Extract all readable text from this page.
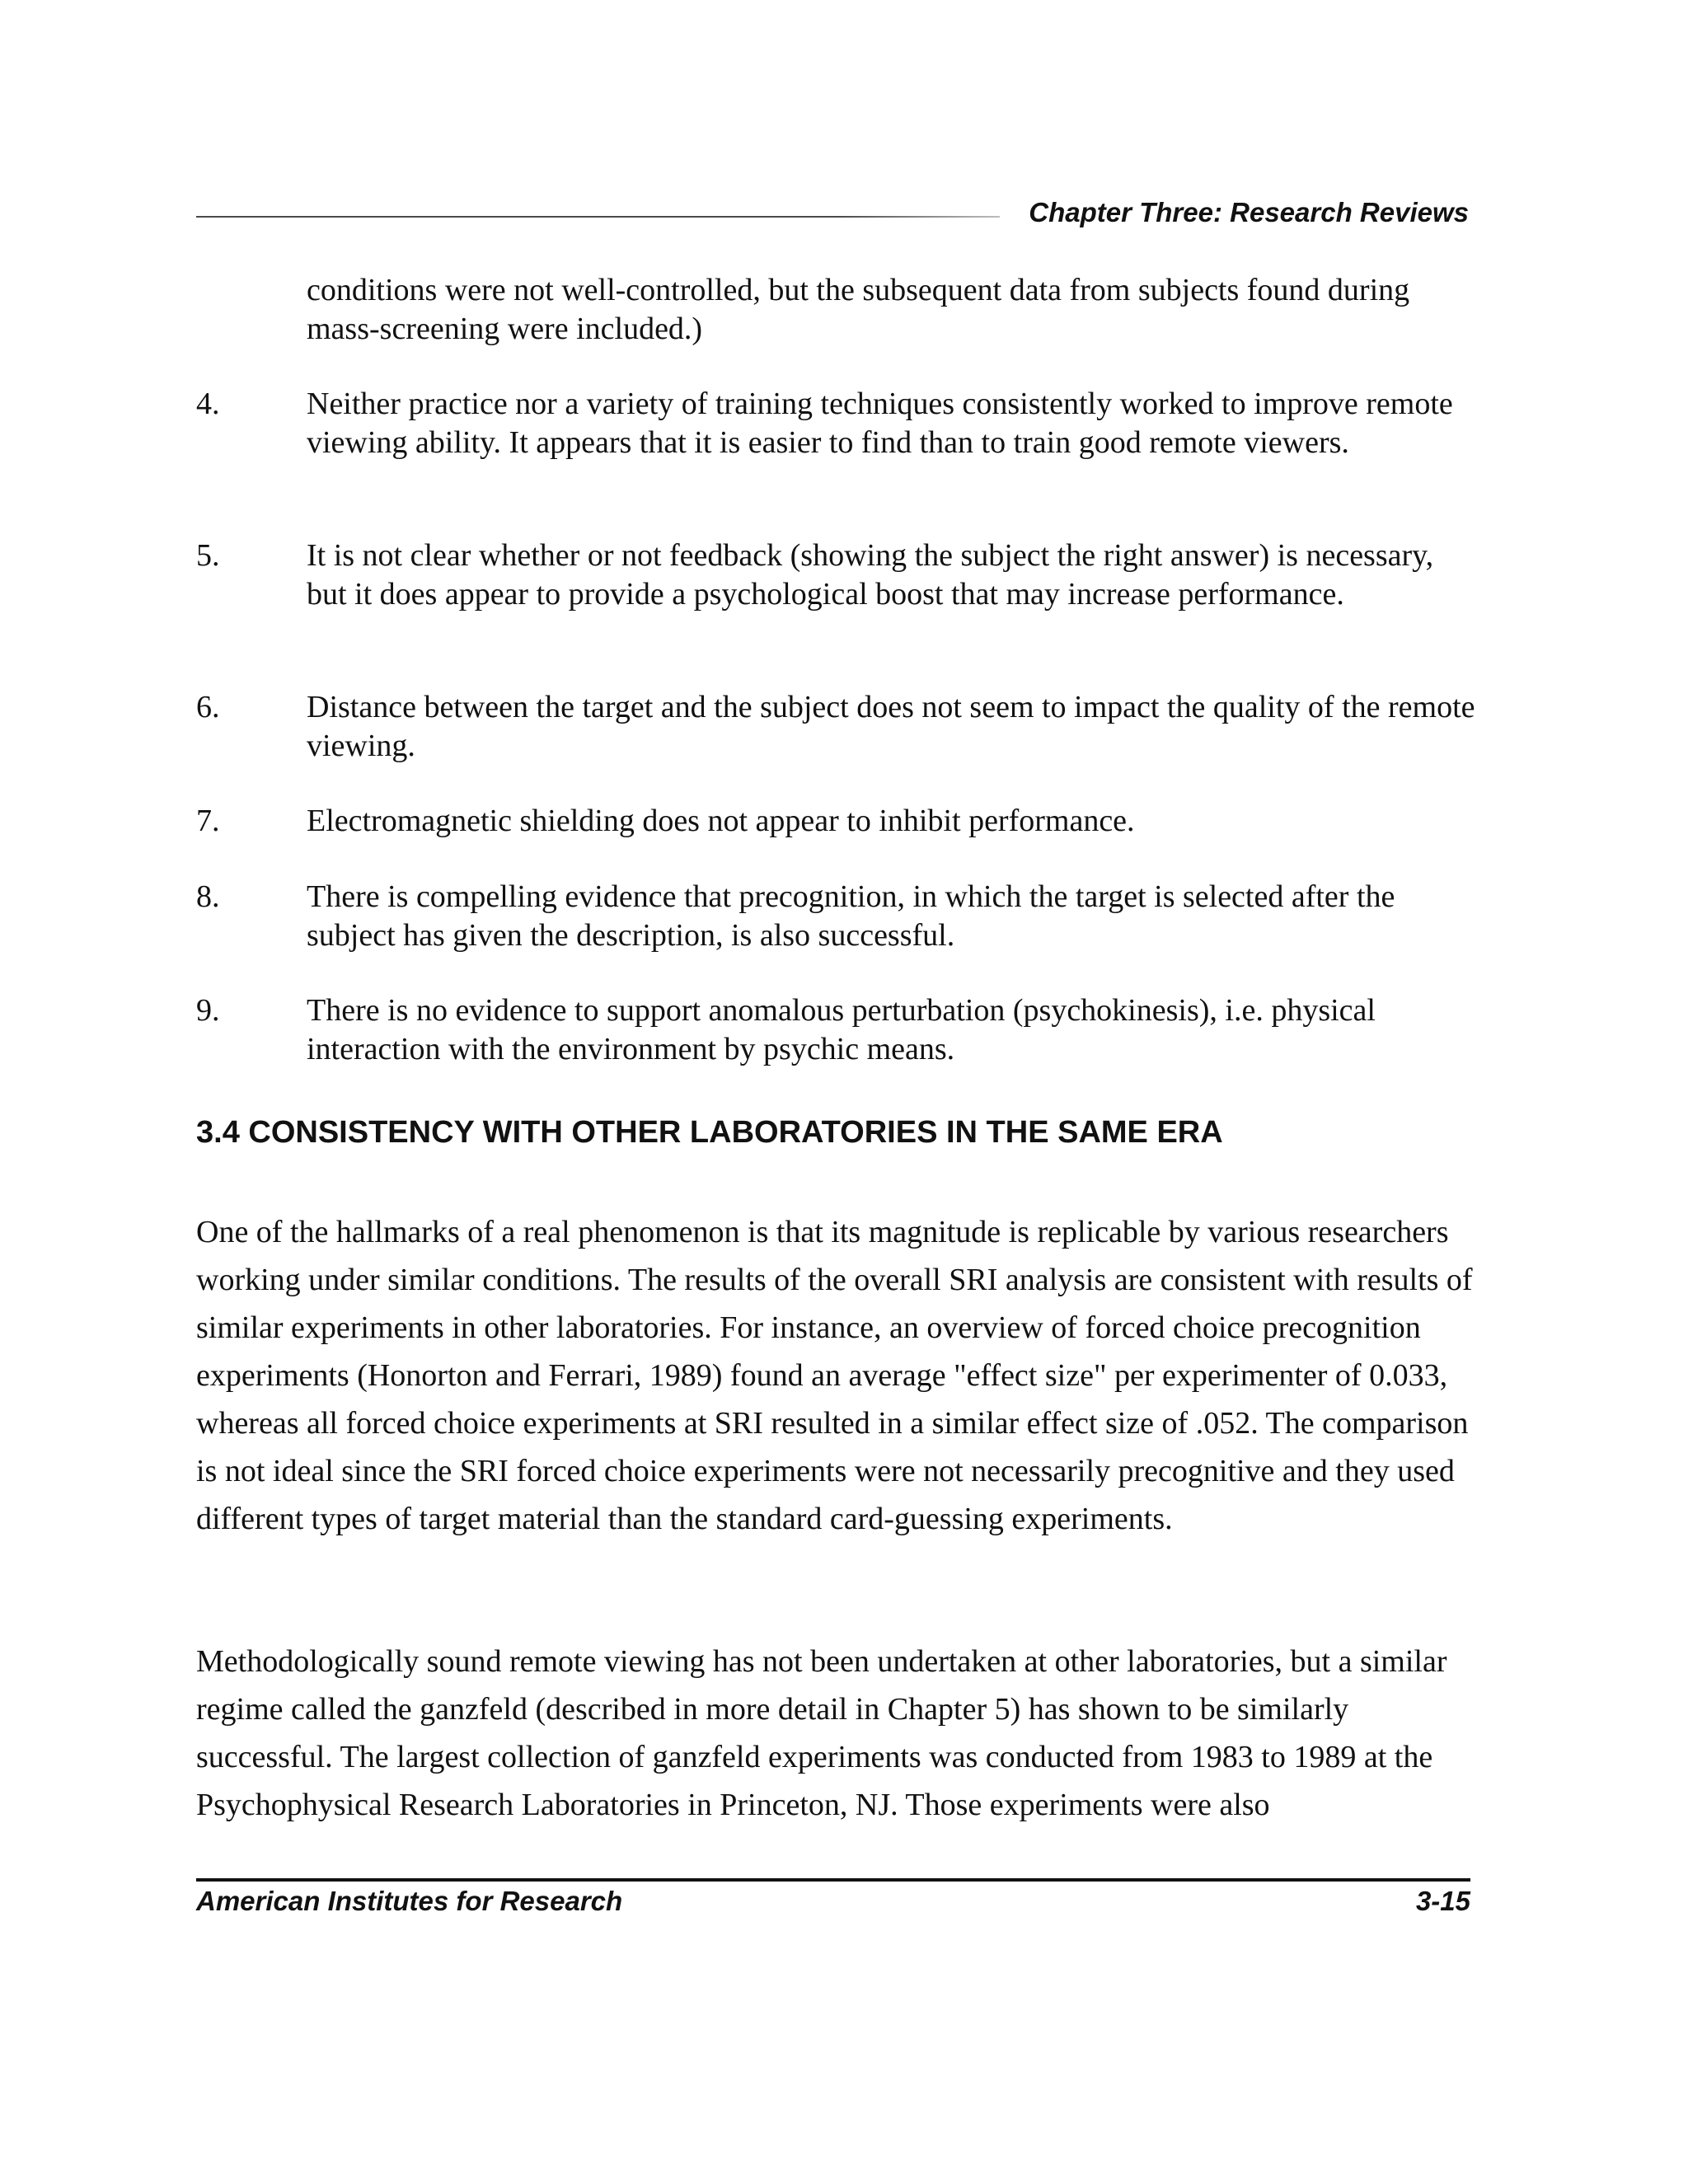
Chapter Three: Research Reviews

conditions were not well-controlled, but the subsequent data from subjects found during mass-screening were included.)

4.	Neither practice nor a variety of training techniques consistently worked to improve remote viewing ability. It appears that it is easier to find than to train good remote viewers.
5.	It is not clear whether or not feedback (showing the subject the right answer) is necessary, but it does appear to provide a psychological boost that may increase performance.
6.	Distance between the target and the subject does not seem to impact the quality of the remote viewing.
7.	Electromagnetic shielding does not appear to inhibit performance.
8.	There is compelling evidence that precognition, in which the target is selected after the subject has given the description, is also successful.
9.	There is no evidence to support anomalous perturbation (psychokinesis), i.e. physical interaction with the environment by psychic means.
3.4 CONSISTENCY WITH OTHER LABORATORIES IN THE SAME ERA

One of the hallmarks of a real phenomenon is that its magnitude is replicable by various researchers working under similar conditions. The results of the overall SRI analysis are consistent with results of similar experiments in other laboratories. For instance, an overview of forced choice precognition experiments (Honorton and Ferrari, 1989) found an average "effect size" per experimenter of 0.033, whereas all forced choice experiments at SRI resulted in a similar effect size of .052. The comparison is not ideal since the SRI forced choice experiments were not necessarily precognitive and they used different types of target material than the standard card-guessing experiments.

Methodologically sound remote viewing has not been undertaken at other laboratories, but a similar regime called the ganzfeld (described in more detail in Chapter 5) has shown to be similarly successful. The largest collection of ganzfeld experiments was conducted from 1983 to 1989 at the Psychophysical Research Laboratories in Princeton, NJ. Those experiments were also

American Institutes for Research	3-15
